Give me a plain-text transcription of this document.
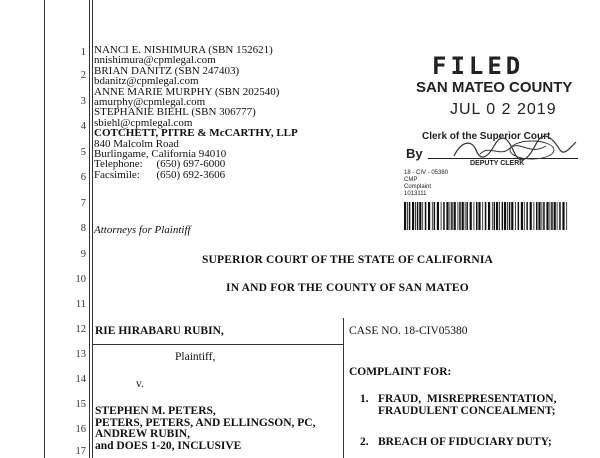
1
2
3
4
5
6
7
8
9
10
11
12
13
14
15
16
17
NANCI E. NISHIMURA (SBN 152621)
nnishimura@cpmlegal.com
BRIAN DANITZ (SBN 247403)
bdanitz@cpmlegal.com
ANNE MARIE MURPHY (SBN 202540)
amurphy@cpmlegal.com
STEPHANIE BIEHL (SBN 306777)
sbiehl@cpmlegal.com
COTCHETT, PITRE & McCARTHY, LLP
840 Malcolm Road
Burlingame, California 94010
Telephone:     (650) 697-6000
Facsimile:      (650) 692-3606
Attorneys for Plaintiff
FILED
SAN MATEO COUNTY
JUL 0 2 2019
Clerk of the Superior Court
By
DEPUTY CLERK
18 - CIV - 05380
CMP
Complaint
1013111
SUPERIOR COURT OF THE STATE OF CALIFORNIA
IN AND FOR THE COUNTY OF SAN MATEO
RIE HIRABARU RUBIN,
Plaintiff,
v.
STEPHEN M. PETERS,
PETERS, PETERS, AND ELLINGSON, PC,
ANDREW RUBIN,
and DOES 1-20, INCLUSIVE
CASE NO. 18-CIV05380
COMPLAINT FOR:
1. FRAUD,  MISREPRESENTATION,
FRAUDULENT CONCEALMENT;
2. BREACH OF FIDUCIARY DUTY;
